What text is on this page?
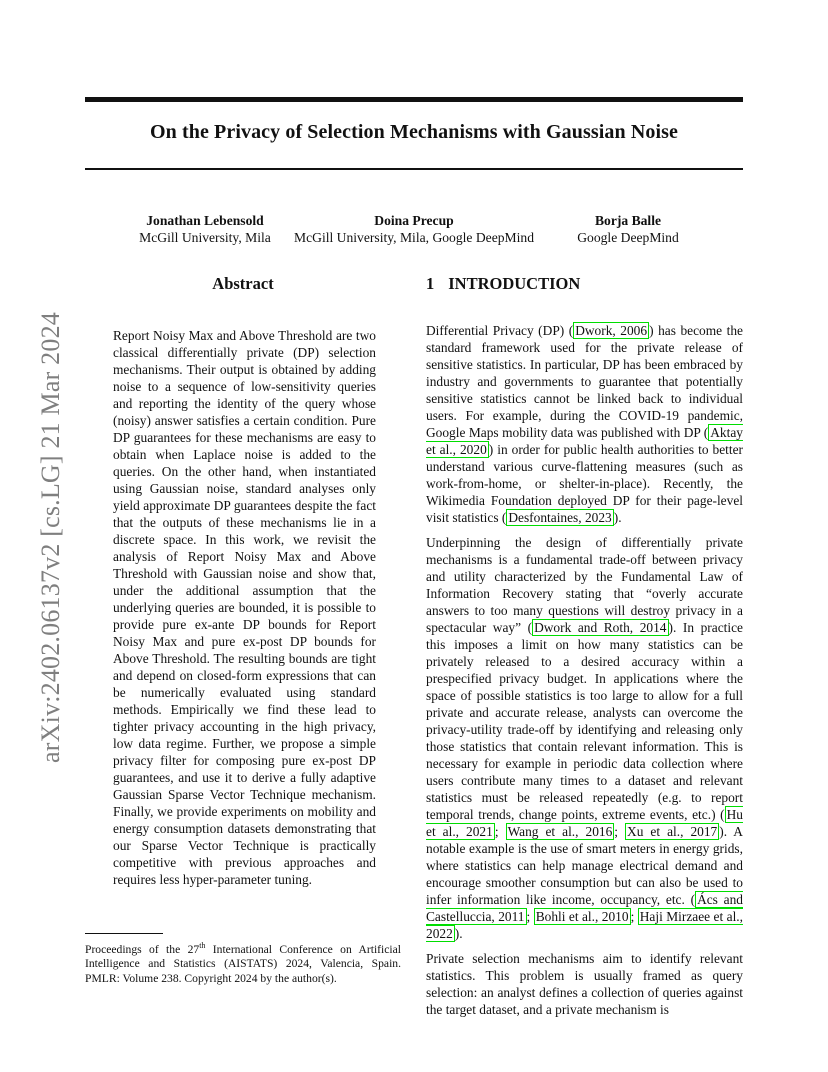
On the Privacy of Selection Mechanisms with Gaussian Noise
Jonathan Lebensold
McGill University, Mila
Doina Precup
McGill University, Mila, Google DeepMind
Borja Balle
Google DeepMind
arXiv:2402.06137v2 [cs.LG] 21 Mar 2024
Abstract
Report Noisy Max and Above Threshold are two classical differentially private (DP) selection mechanisms. Their output is obtained by adding noise to a sequence of low-sensitivity queries and reporting the identity of the query whose (noisy) answer satisfies a certain condition. Pure DP guarantees for these mechanisms are easy to obtain when Laplace noise is added to the queries. On the other hand, when instantiated using Gaussian noise, standard analyses only yield approximate DP guarantees despite the fact that the outputs of these mechanisms lie in a discrete space. In this work, we revisit the analysis of Report Noisy Max and Above Threshold with Gaussian noise and show that, under the additional assumption that the underlying queries are bounded, it is possible to provide pure ex-ante DP bounds for Report Noisy Max and pure ex-post DP bounds for Above Threshold. The resulting bounds are tight and depend on closed-form expressions that can be numerically evaluated using standard methods. Empirically we find these lead to tighter privacy accounting in the high privacy, low data regime. Further, we propose a simple privacy filter for composing pure ex-post DP guarantees, and use it to derive a fully adaptive Gaussian Sparse Vector Technique mechanism. Finally, we provide experiments on mobility and energy consumption datasets demonstrating that our Sparse Vector Technique is practically competitive with previous approaches and requires less hyper-parameter tuning.
1 INTRODUCTION

Differential Privacy (DP) ( Dwork, 2006 ) has become the standard framework used for the private release of sensitive statistics. In particular, DP has been embraced by industry and governments to guarantee that potentially sensitive statistics cannot be linked back to individual users. For example, during the COVID-19 pandemic, Google Maps mobility data was published with DP ( Aktay et al., 2020 ) in order for public health authorities to better understand various curve-flattening measures (such as work-from-home, or shelter-in-place). Recently, the Wikimedia Foundation deployed DP for their page-level visit statistics ( Desfontaines, 2023 ).

Underpinning the design of differentially private mechanisms is a fundamental trade-off between privacy and utility characterized by the Fundamental Law of Information Recovery stating that “overly accurate answers to too many questions will destroy privacy in a spectacular way” ( Dwork and Roth, 2014 ). In practice this imposes a limit on how many statistics can be privately released to a desired accuracy within a prespecified privacy budget. In applications where the space of possible statistics is too large to allow for a full private and accurate release, analysts can overcome the privacy-utility trade-off by identifying and releasing only those statistics that contain relevant information. This is necessary for example in periodic data collection where users contribute many times to a dataset and relevant statistics must be released repeatedly (e.g. to report temporal trends, change points, extreme events, etc.) ( Hu et al., 2021 ; Wang et al., 2016 ; Xu et al., 2017 ). A notable example is the use of smart meters in energy grids, where statistics can help manage electrical demand and encourage smoother consumption but can also be used to infer information like income, occupancy, etc. ( Ács and Castelluccia, 2011 ; Bohli et al., 2010 ; Haji Mirzaee et al., 2022 ).

Private selection mechanisms aim to identify relevant statistics. This problem is usually framed as query selection: an analyst defines a collection of queries against the target dataset, and a private mechanism is

Proceedings of the 27th International Conference on Artificial Intelligence and Statistics (AISTATS) 2024, Valencia, Spain. PMLR: Volume 238. Copyright 2024 by the author(s).
